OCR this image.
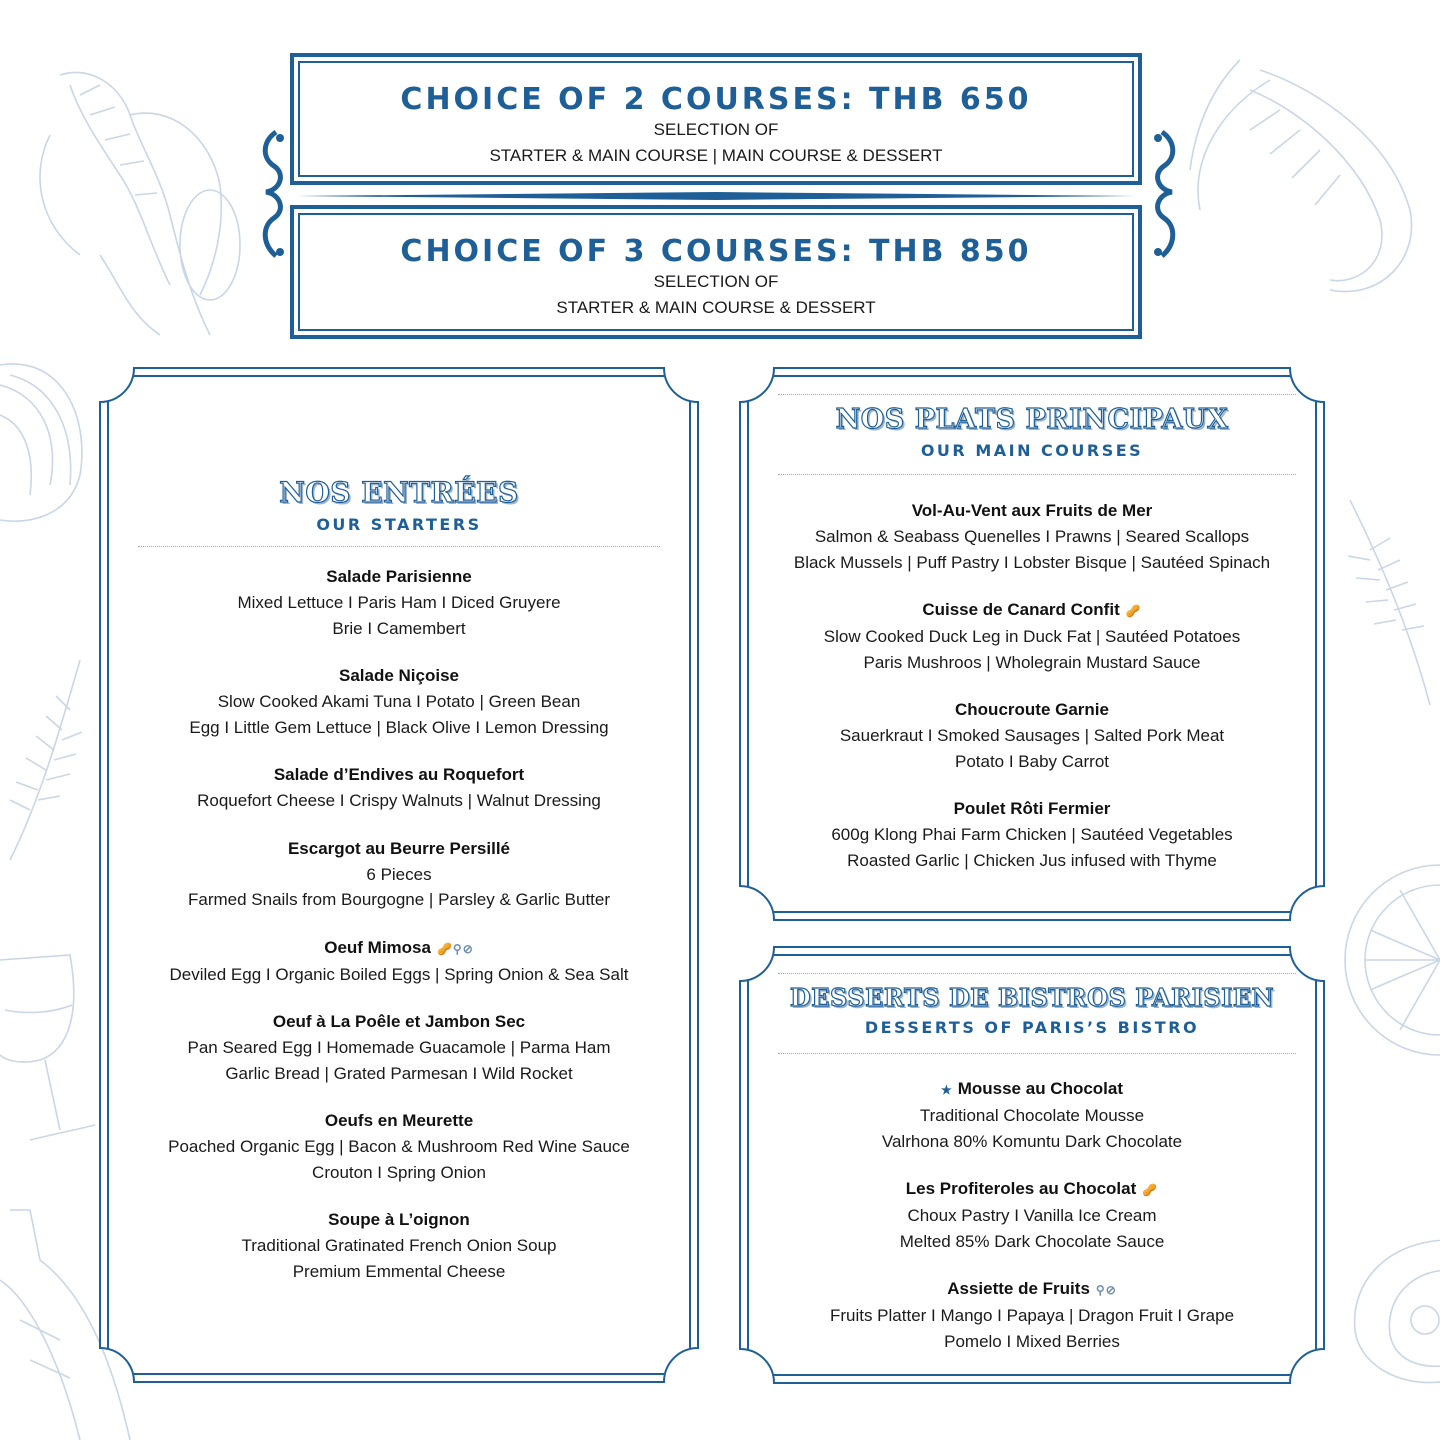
CHOICE OF 2 COURSES: THB 650
SELECTION OF
STARTER & MAIN COURSE | MAIN COURSE & DESSERT
CHOICE OF 3 COURSES: THB 850
SELECTION OF
STARTER & MAIN COURSE & DESSERT
NOS ENTRÉES
OUR STARTERS
Salade Parisienne
Mixed Lettuce I Paris Ham I Diced Gruyere
Brie I Camembert
Salade Niçoise
Slow Cooked Akami Tuna I Potato | Green Bean
Egg I Little Gem Lettuce | Black Olive I Lemon Dressing
Salade d’Endives au Roquefort
Roquefort Cheese I Crispy Walnuts | Walnut Dressing
Escargot au Beurre Persillé
6 Pieces
Farmed Snails from Bourgogne | Parsley & Garlic Butter
Oeuf Mimosa 🥜⚲⊘
Deviled Egg I Organic Boiled Eggs | Spring Onion & Sea Salt
Oeuf à La Poêle et Jambon Sec
Pan Seared Egg I Homemade Guacamole | Parma Ham
Garlic Bread | Grated Parmesan I Wild Rocket
Oeufs en Meurette
Poached Organic Egg | Bacon & Mushroom Red Wine Sauce
Crouton I Spring Onion
Soupe à L’oignon
Traditional Gratinated French Onion Soup
Premium Emmental Cheese
NOS PLATS PRINCIPAUX
OUR MAIN COURSES
Vol-Au-Vent aux Fruits de Mer
Salmon & Seabass Quenelles I Prawns | Seared Scallops
Black Mussels | Puff Pastry I Lobster Bisque | Sautéed Spinach
Cuisse de Canard Confit 🥜
Slow Cooked Duck Leg in Duck Fat | Sautéed Potatoes
Paris Mushroos | Wholegrain Mustard Sauce
Choucroute Garnie
Sauerkraut I Smoked Sausages | Salted Pork Meat
Potato I Baby Carrot
Poulet Rôti Fermier
600g Klong Phai Farm Chicken | Sautéed Vegetables
Roasted Garlic | Chicken Jus infused with Thyme
DESSERTS DE BISTROS PARISIEN
DESSERTS OF PARIS’S BISTRO
★ Mousse au Chocolat
Traditional Chocolate Mousse
Valrhona 80% Komuntu Dark Chocolate
Les Profiteroles au Chocolat 🥜
Choux Pastry I Vanilla Ice Cream
Melted 85% Dark Chocolate Sauce
Assiette de Fruits ⚲⊘
Fruits Platter I Mango I Papaya | Dragon Fruit I Grape
Pomelo I Mixed Berries
